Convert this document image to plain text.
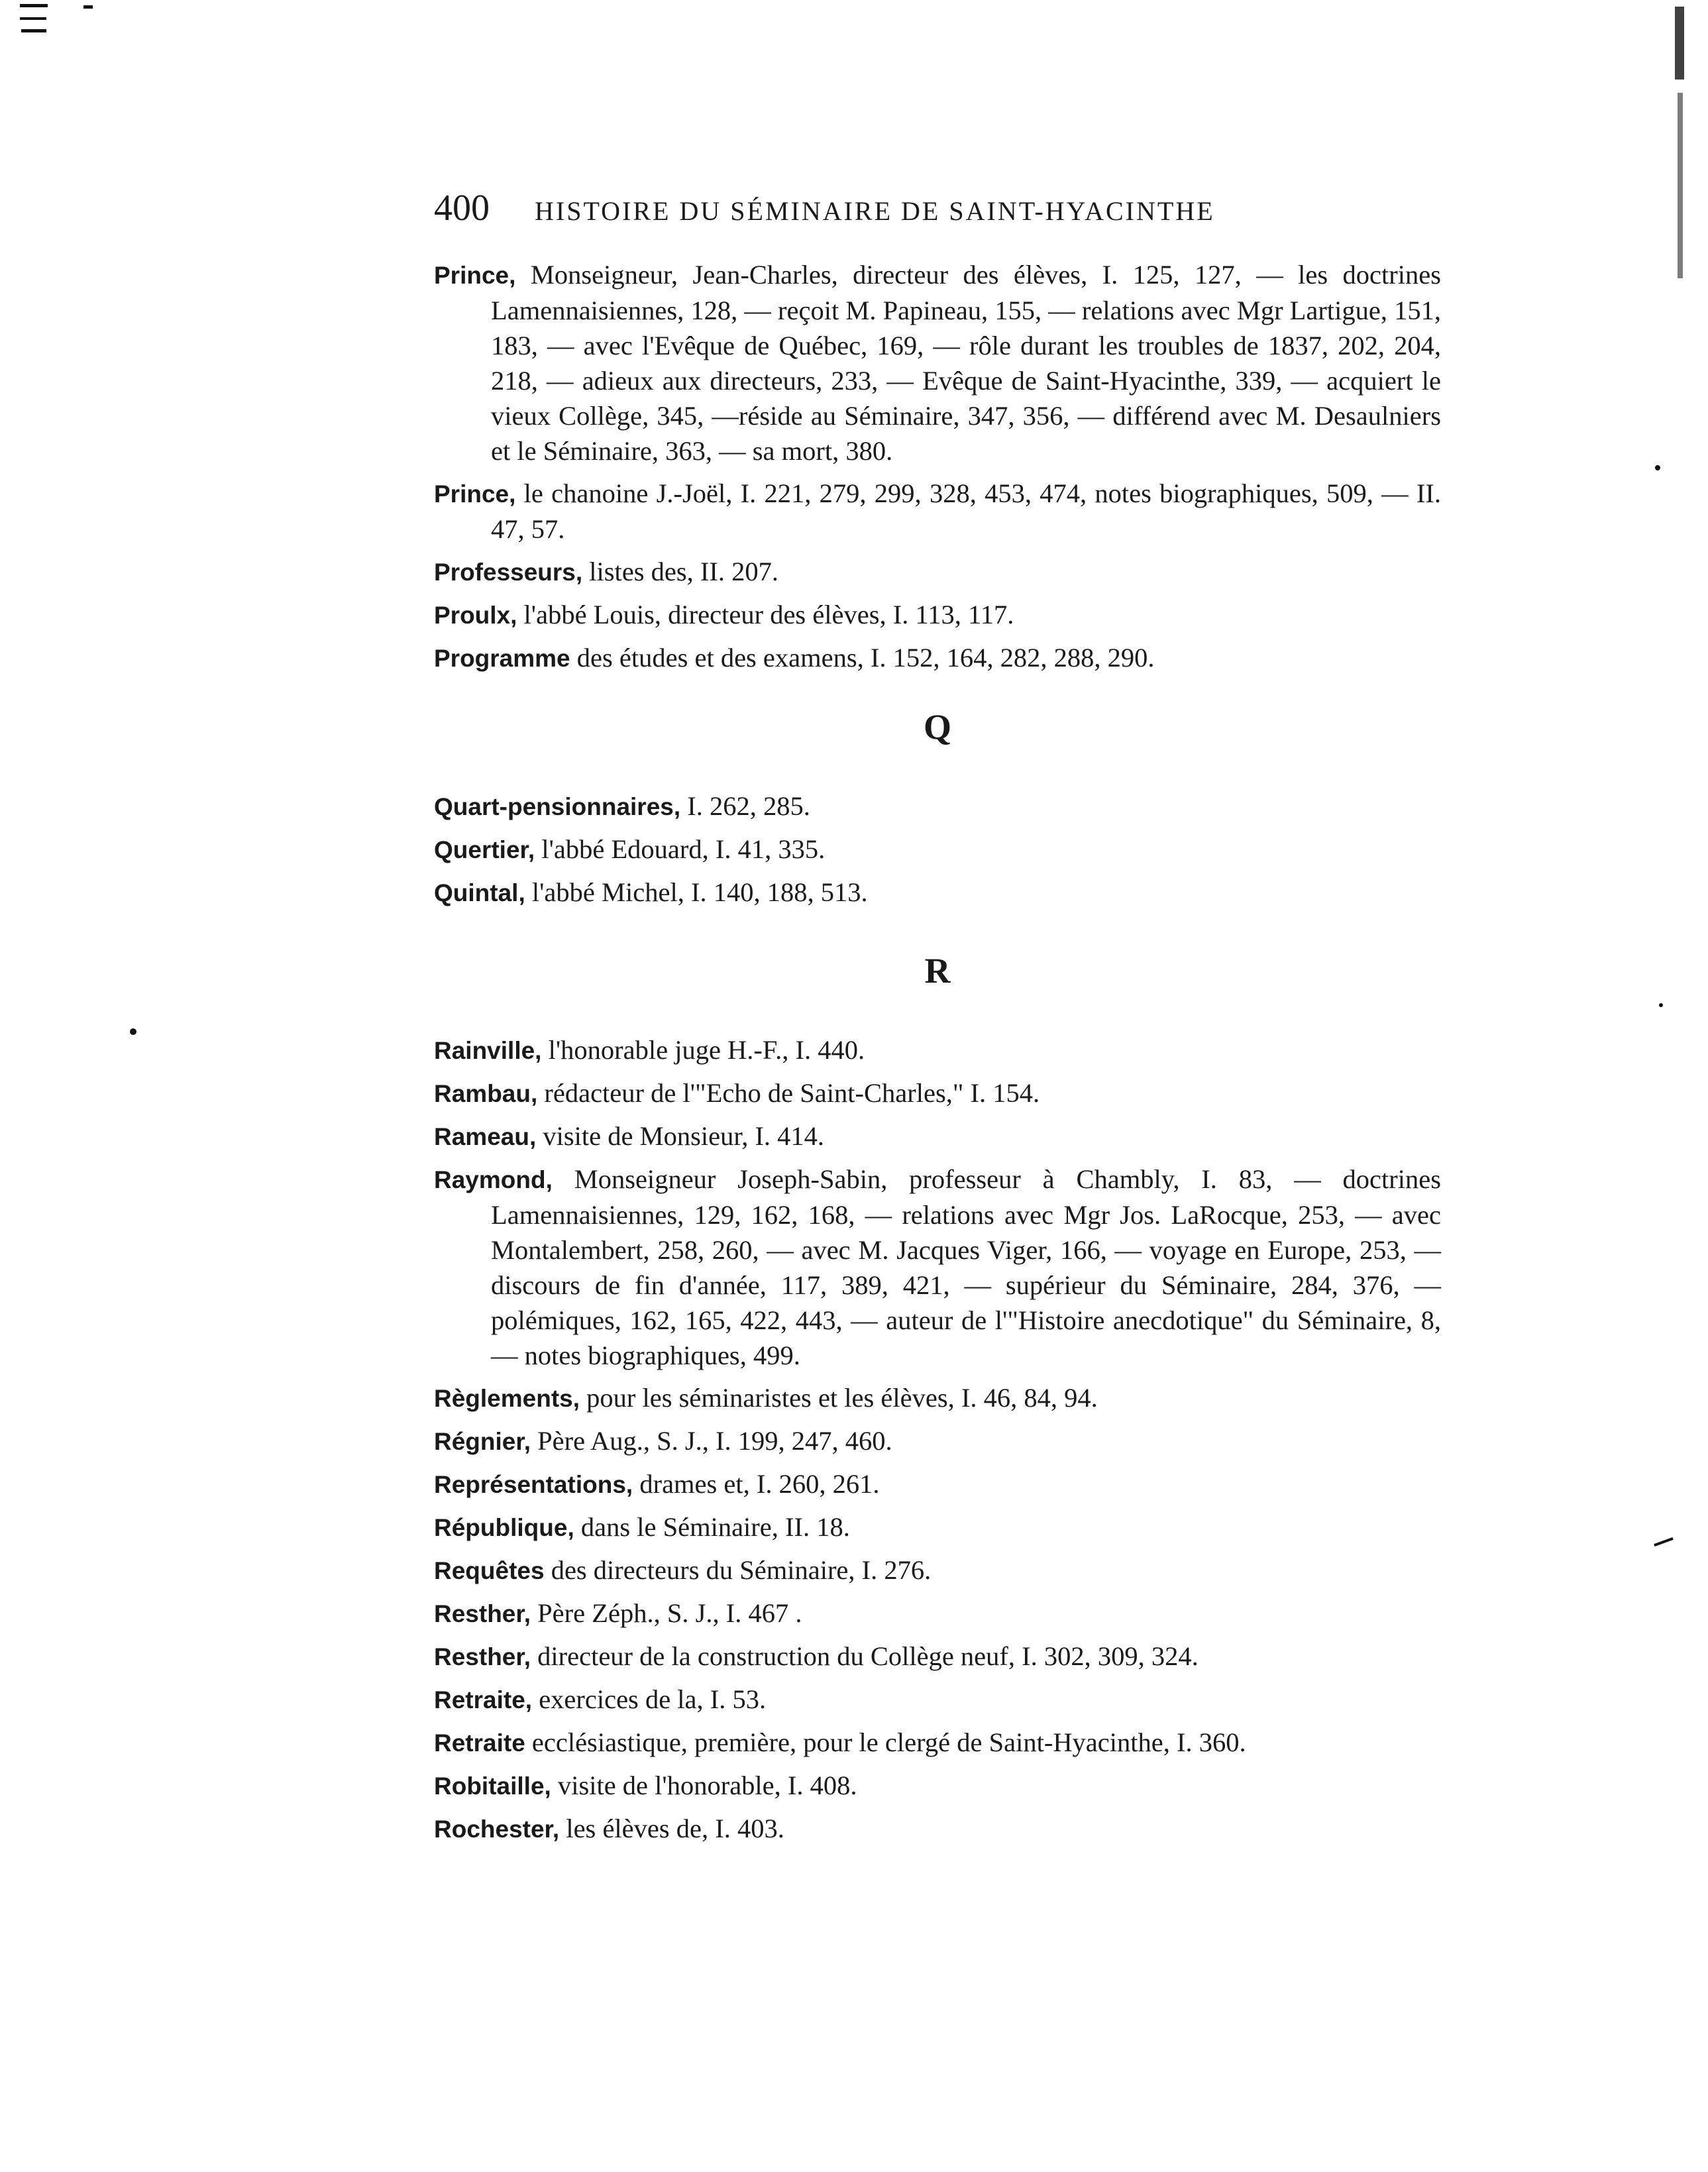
400 HISTOIRE DU SÉMINAIRE DE SAINT-HYACINTHE

Prince, Monseigneur, Jean-Charles, directeur des élèves, I. 125, 127, — les doctrines Lamennaisiennes, 128, — reçoit M. Papineau, 155, — relations avec Mgr Lartigue, 151, 183, — avec l'Evêque de Québec, 169, — rôle durant les troubles de 1837, 202, 204, 218, — adieux aux directeurs, 233, — Evêque de Saint-Hyacinthe, 339, — acquiert le vieux Collège, 345, —réside au Séminaire, 347, 356, — différend avec M. Desaulniers et le Séminaire, 363, — sa mort, 380.

Prince, le chanoine J.-Joël, I. 221, 279, 299, 328, 453, 474, notes biographiques, 509, — II. 47, 57.

Professeurs, listes des, II. 207.

Proulx, l'abbé Louis, directeur des élèves, I. 113, 117.

Programme des études et des examens, I. 152, 164, 282, 288, 290.

Q

Quart-pensionnaires, I. 262, 285.

Quertier, l'abbé Edouard, I. 41, 335.

Quintal, l'abbé Michel, I. 140, 188, 513.

R

Rainville, l'honorable juge H.-F., I. 440.

Rambau, rédacteur de l'"Echo de Saint-Charles," I. 154.

Rameau, visite de Monsieur, I. 414.

Raymond, Monseigneur Joseph-Sabin, professeur à Chambly, I. 83, — doctrines Lamennaisiennes, 129, 162, 168, — relations avec Mgr Jos. LaRocque, 253, — avec Montalembert, 258, 260, — avec M. Jacques Viger, 166, — voyage en Europe, 253, — discours de fin d'année, 117, 389, 421, — supérieur du Séminaire, 284, 376, — polémiques, 162, 165, 422, 443, — auteur de l'"Histoire anecdotique" du Séminaire, 8, — notes biographiques, 499.

Règlements, pour les séminaristes et les élèves, I. 46, 84, 94.

Régnier, Père Aug., S. J., I. 199, 247, 460.

Représentations, drames et, I. 260, 261.

République, dans le Séminaire, II. 18.

Requêtes des directeurs du Séminaire, I. 276.

Resther, Père Zéph., S. J., I. 467 .

Resther, directeur de la construction du Collège neuf, I. 302, 309, 324.

Retraite, exercices de la, I. 53.

Retraite ecclésiastique, première, pour le clergé de Saint-Hyacinthe, I. 360.

Robitaille, visite de l'honorable, I. 408.

Rochester, les élèves de, I. 403.
